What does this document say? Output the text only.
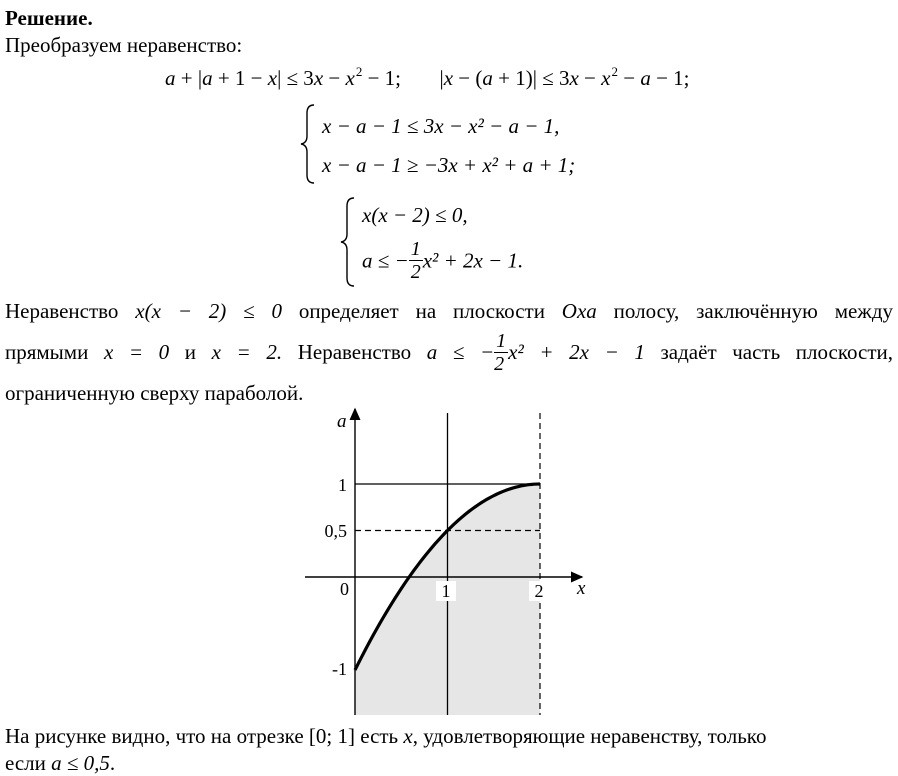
Решение.
Преобразуем неравенство:
$a + |a + 1 - x| \le 3x - x^2 - 1$; $|x - (a + 1)| \le 3x - x^2 - a - 1$;
x − a − 1 ≤ 3x − x² − a − 1,
x − a − 1 ≥ −3x + x² + a + 1;
x(x − 2) ≤ 0,
a ≤ − $\frac{1}{2} x^2 + 2x - 1$.
Неравенство x(x − 2) ≤ 0 определяет на плоскости Oxa полосу, заключённую между
прямыми x = 0 и x = 2. Неравенство a ≤ − $\frac{1}{2} x^2 + 2x - 1$ задаёт часть плоскости,
ограниченную сверху параболой.
1	2 x
a
0
1
0,5
-1
На рисунке видно, что на отрезке [0; 1] есть x, удовлетворяющие неравенству, только
если a ≤ 0,5.
